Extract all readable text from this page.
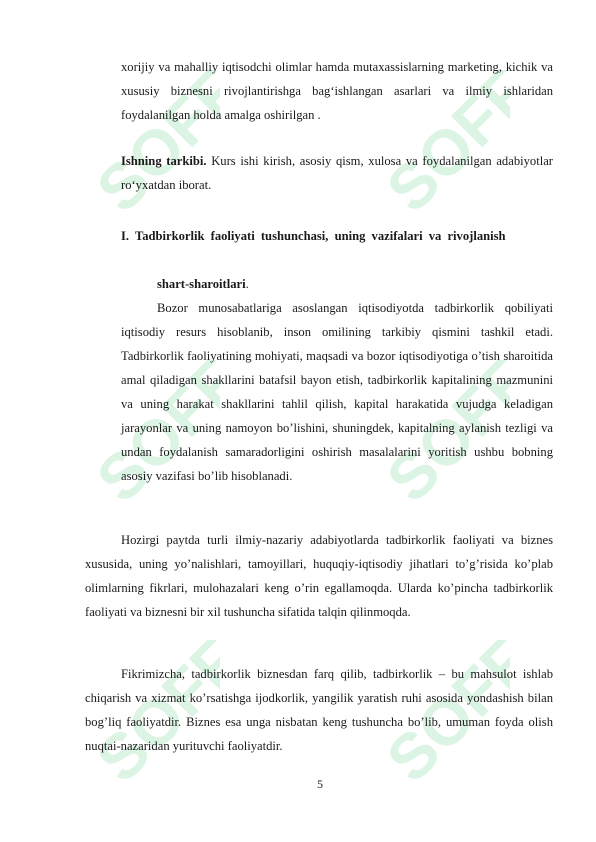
SOFF SOFF
SOFF SOFF
SOFF SOFF

xorijiy va mahalliy iqtisodchi olimlar hamda mutaxassislarning marketing, kichik va xususiy biznesni rivojlantirishga bag‘ishlangan asarlari va ilmiy ishlaridan foydalanilgan holda amalga oshirilgan .

Ishning tarkibi. Kurs ishi kirish, asosiy qism, xulosa va foydalanilgan adabiyotlar ro‘yxatdan iborat.

I. Tadbirkorlik faoliyati tushunchasi, uning vazifalari va rivojlanish
shart-sharoitlari.

Bozor munosabatlariga asoslangan iqtisodiyotda tadbirkorlik qobiliyati iqtisodiy resurs hisoblanib, inson omilining tarkibiy qismini tashkil etadi. Tadbirkorlik faoliyatining mohiyati, maqsadi va bozor iqtisodiyotiga o’tish sharoitida amal qiladigan shakllarini batafsil bayon etish, tadbirkorlik kapitalining mazmunini va uning harakat shakllarini tahlil qilish, kapital harakatida vujudga keladigan jarayonlar va uning namoyon bo’lishini, shuningdek, kapitalning aylanish tezligi va undan foydalanish samaradorligini oshirish masalalarini yoritish ushbu bobning asosiy vazifasi bo’lib hisoblanadi.

Hozirgi paytda turli ilmiy-nazariy adabiyotlarda tadbirkorlik faoliyati va biznes xususida, uning yo’nalishlari, tamoyillari, huquqiy-iqtisodiy jihatlari to’g’risida ko’plab olimlarning fikrlari, mulohazalari keng o’rin egallamoqda. Ularda ko’pincha tadbirkorlik faoliyati va biznesni bir xil tushuncha sifatida talqin qilinmoqda.

Fikrimizcha, tadbirkorlik biznesdan farq qilib, tadbirkorlik – bu mahsulot ishlab chiqarish va xizmat ko’rsatishga ijodkorlik, yangilik yaratish ruhi asosida yondashish bilan bog’liq faoliyatdir. Biznes esa unga nisbatan keng tushuncha bo’lib, umuman foyda olish nuqtai-nazaridan yurituvchi faoliyatdir.

5
